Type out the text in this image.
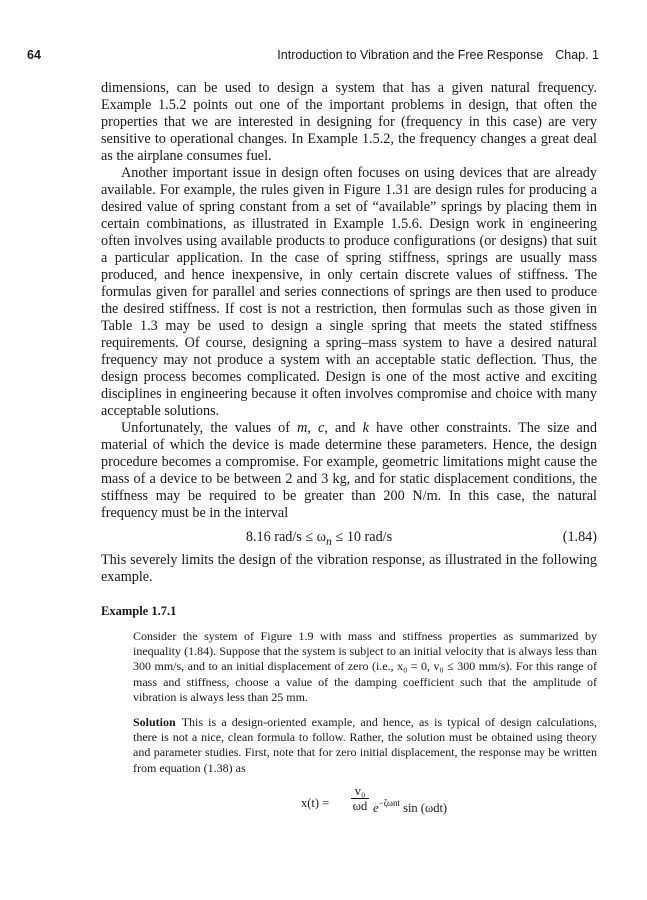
64	Introduction to Vibration and the Free Response Chap. 1

dimensions, can be used to design a system that has a given natural frequency. Example 1.5.2 points out one of the important problems in design, that often the properties that we are interested in designing for (frequency in this case) are very sensitive to operational changes. In Example 1.5.2, the frequency changes a great deal as the airplane consumes fuel.

Another important issue in design often focuses on using devices that are already available. For example, the rules given in Figure 1.31 are design rules for producing a desired value of spring constant from a set of “available” springs by placing them in certain combinations, as illustrated in Example 1.5.6. Design work in engineering often involves using available products to produce configurations (or designs) that suit a particular application. In the case of spring stiffness, springs are usually mass produced, and hence inexpensive, in only certain discrete values of stiffness. The formulas given for parallel and series connections of springs are then used to produce the desired stiffness. If cost is not a restriction, then formulas such as those given in Table 1.3 may be used to design a single spring that meets the stated stiffness requirements. Of course, designing a spring–mass system to have a desired natural frequency may not produce a system with an acceptable static deflection. Thus, the design process becomes complicated. Design is one of the most active and exciting disciplines in engineering because it often involves compromise and choice with many acceptable solutions.

Unfortunately, the values of m, c, and k have other constraints. The size and material of which the device is made determine these parameters. Hence, the design procedure becomes a compromise. For example, geometric limitations might cause the mass of a device to be between 2 and 3 kg, and for static displacement conditions, the stiffness may be required to be greater than 200 N/m. In this case, the natural frequency must be in the interval

8.16 $rad/s \le \omega_n \le 10$ rad/s	(1.84)

This severely limits the design of the vibration response, as illustrated in the following example.

Example 1.7.1

Consider the system of Figure 1.9 with mass and stiffness properties as summarized by inequality (1.84). Suppose that the system is subject to an initial velocity that is always less than 300 mm/s, and to an initial displacement of zero (i.e., x₀ = 0, v₀ ≤ 300 mm/s). For this range of mass and stiffness, choose a value of the damping coefficient such that the amplitude of vibration is always less than 25 mm.

Solution This is a design-oriented example, and hence, as is typical of design calculations, there is not a nice, clean formula to follow. Rather, the solution must be obtained using theory and parameter studies. First, note that for zero initial displacement, the response may be written from equation (1.38) as

$x(t) = \frac{\text{v₀}}{\omega d} e^{-\zeta\omega nt}$ sin (ωdt)
